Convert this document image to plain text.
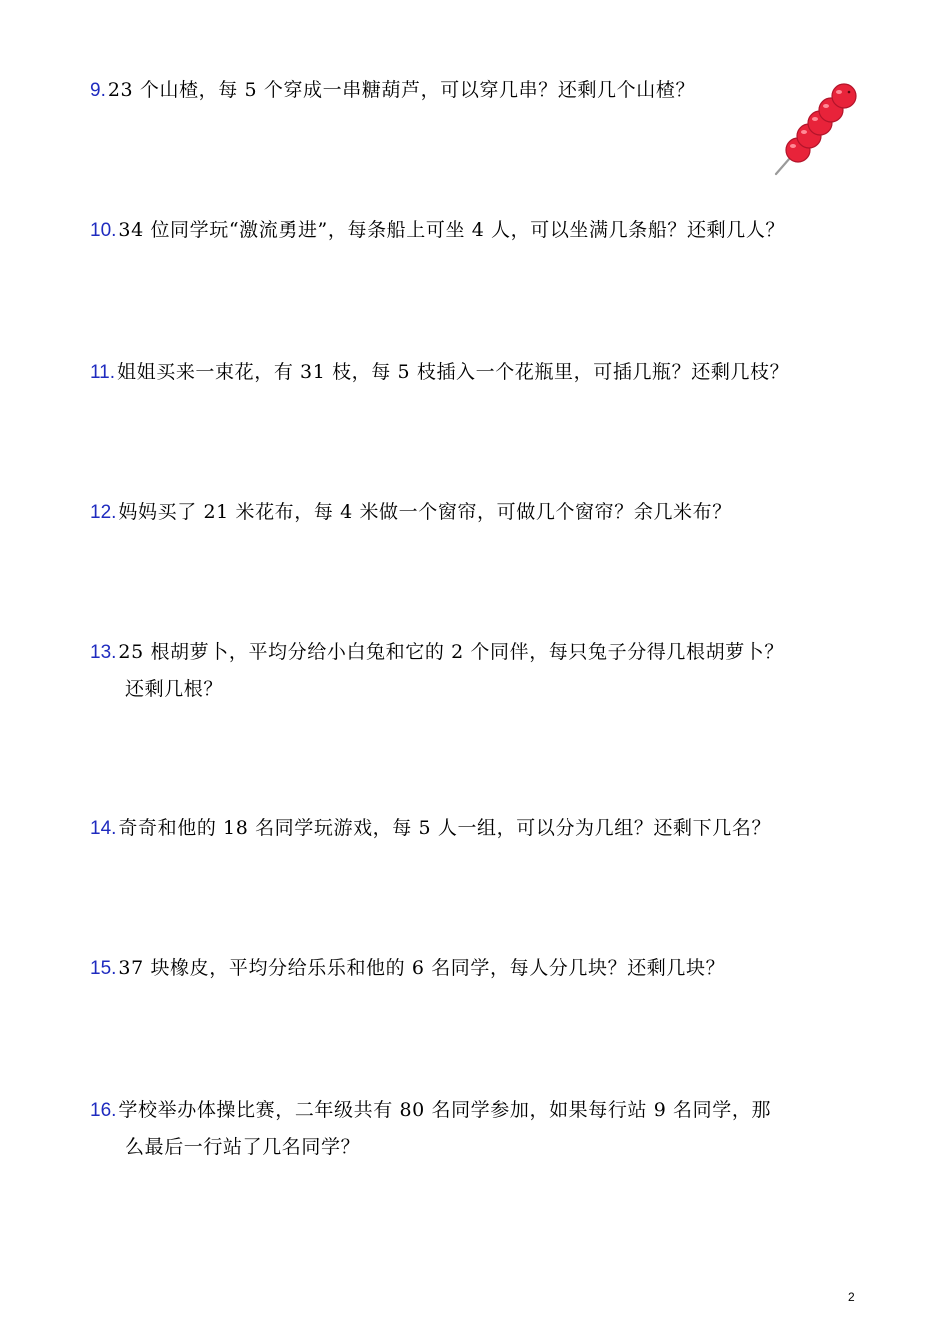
9. 23 个山楂，每 5 个穿成一串糖葫芦，可以穿几串？还剩几个山楂？
10. 34 位同学玩“激流勇进”，每条船上可坐 4 人，可以坐满几条船？还剩几人？
11. 姐姐买来一束花，有 31 枝，每 5 枝插入一个花瓶里，可插几瓶？还剩几枝？
12. 妈妈买了 21 米花布，每 4 米做一个窗帘，可做几个窗帘？余几米布？
13. 25 根胡萝卜，平均分给小白兔和它的 2 个同伴，每只兔子分得几根胡萝卜？
还剩几根？
14. 奇奇和他的 18 名同学玩游戏，每 5 人一组，可以分为几组？还剩下几名？
15. 37 块橡皮，平均分给乐乐和他的 6 名同学，每人分几块？还剩几块？
16. 学校举办体操比赛，二年级共有 80 名同学参加，如果每行站 9 名同学，那
么最后一行站了几名同学？
2
